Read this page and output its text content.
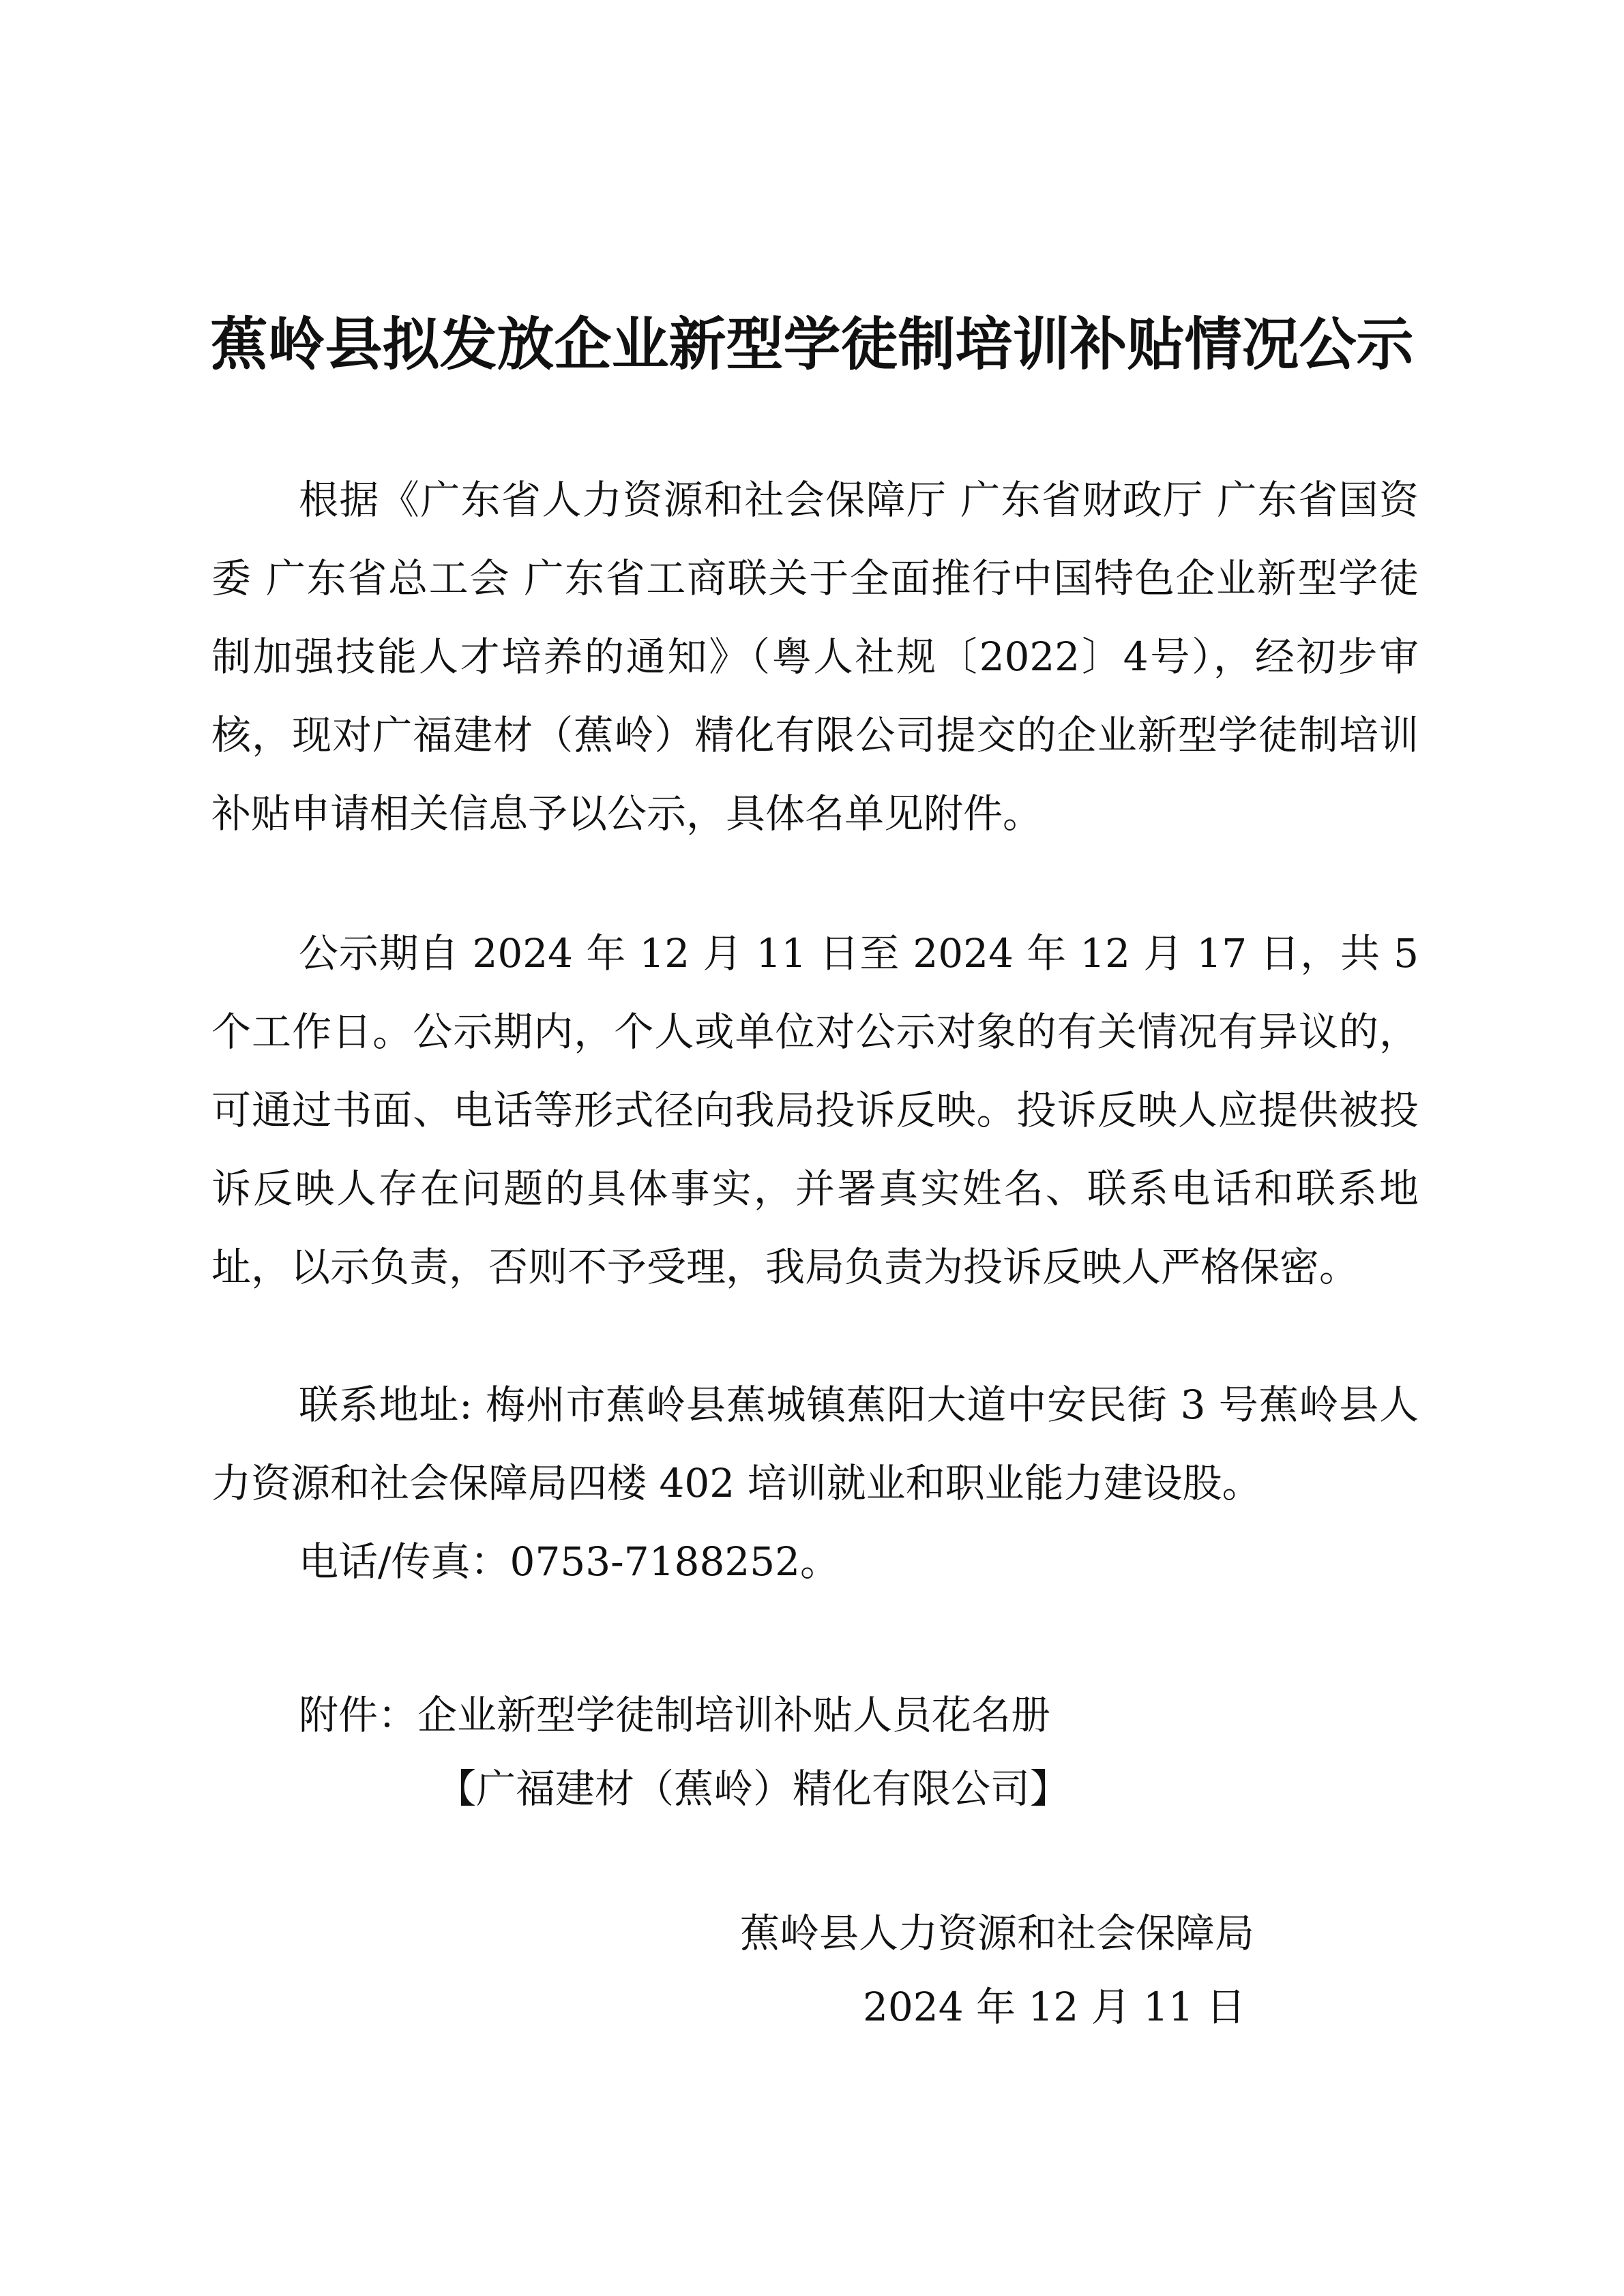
蕉岭县拟发放企业新型学徒制培训补贴情况公示

根据《广东省人力资源和社会保障厅 广东省财政厅 广东省国资委 广东省总工会 广东省工商联关于全面推行中国特色企业新型学徒制加强技能人才培养的通知》（粤人社规〔2022〕4号），经初步审核，现对广福建材（蕉岭）精化有限公司提交的企业新型学徒制培训补贴申请相关信息予以公示，具体名单见附件。

公示期自 2024 年 12 月 11 日至 2024 年 12 月 17 日，共 5 个工作日。公示期内，个人或单位对公示对象的有关情况有异议的，可通过书面、电话等形式径向我局投诉反映。投诉反映人应提供被投诉反映人存在问题的具体事实，并署真实姓名、联系电话和联系地址，以示负责，否则不予受理，我局负责为投诉反映人严格保密。

联系地址: 梅州市蕉岭县蕉城镇蕉阳大道中安民街 3 号蕉岭县人力资源和社会保障局四楼 402 培训就业和职业能力建设股。

电话/传真：0753-7188252。

附件：企业新型学徒制培训补贴人员花名册

【广福建材（蕉岭）精化有限公司】

蕉岭县人力资源和社会保障局

2024 年 12 月 11 日
